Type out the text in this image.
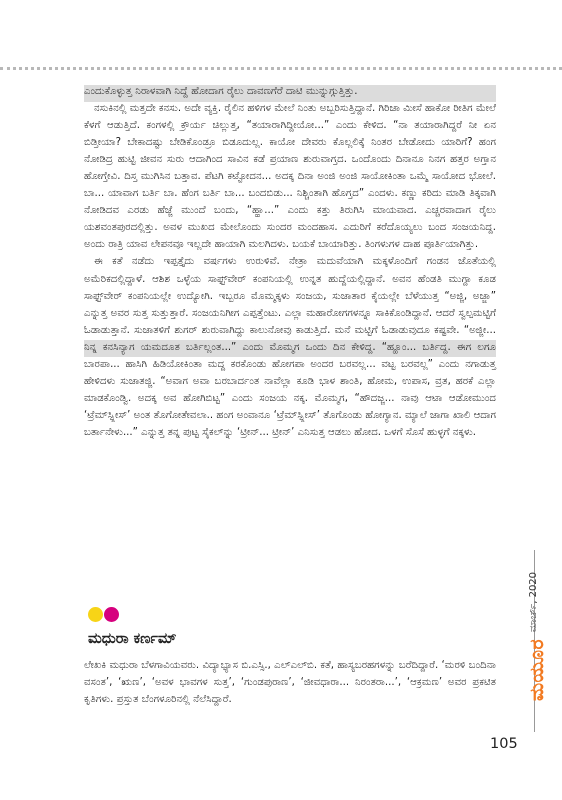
ಎಂದುಕೊಳ್ಳುತ್ತ ನಿರಾಳವಾಗಿ ನಿದ್ದೆ ಹೋದಾಗ ರೈಲು ದಾವಣಗೆರೆ ದಾಟಿ ಮುನ್ನುಗ್ಗುತ್ತಿತ್ತು.

ನಸುಕಿನಲ್ಲಿ ಮತ್ತದೇ ಕನಸು. ಅದೇ ವ್ಯಕ್ತಿ. ರೈಲಿನ ಹಳಿಗಳ ಮೇಲೆ ನಿಂತು ಅಬ್ಬರಿಸುತ್ತಿದ್ದಾನೆ. ಗಿರಿಜಾ ಮೀಸೆ ಹಾಕೋ ರೀತಿಗ ಮೇಲೆ ಕೆಳಗೆ ಆಡುತ್ತಿದೆ. ಕಂಗಳಲ್ಲಿ ಕ್ರೌರ್ಯ ಚಿಲ್ಲುತ್ತ, “ತಯಾರಾಗಿದ್ದೀಯೋ...” ಎಂದು ಕೇಳಿದ. “ನಾ ತಯಾರಾಗಿದ್ದರೆ ನೀ ಏನ ಬಿಡ್ತೀಯಾ? ಬೇಕಾದಷ್ಟು ಬೇಡಿಕೊಂಡ್ರೂ ಬಿಡೂದುಲ್ಲ. ಕಾಯೋ ದೇವರು ಕೊಲ್ಲಲಿಕ್ಕೆ ನಿಂತರ ಬೇಡೋದು ಯಾರಿಗೆ? ಹಂಗ ನೋಡಿದ್ರ ಹುಟ್ಟಿ ಜೀವನ ಸುರು ಆದಾಗಿಂದ ಸಾವಿನ ಕಡೆ ಪ್ರಯಾಣ ಶುರುವಾಗ್ತದ. ಒಂದೊಂದು ದಿನಾನೂ ನಿನಗ ಹತ್ತರ ಅಗ್ತಾನ ಹೋಗ್ತೇವಿ. ದಿಸ್ತ ಮುಗಿಸಿನ ಬತ್ತಾವ. ಪೆಟಗಿ ಕಟ್ಟೋದನ... ಅದಕ್ಕ ದಿನಾ ಅಂಜಿ ಅಂಜಿ ಸಾಯೋಕಿಂತಾ ಒಮ್ಮೆ ಸಾಯೋದ ಭೋಲೆ. ಬಾ... ಯಾವಾಗ ಬರ್ತಿ ಬಾ. ಹೆಂಗ ಬರ್ತಿ ಬಾ... ಬಂದಬಿಡು... ನಿಶ್ಚಿಂತಾಗಿ ಹೊಗ್ತದ” ಎಂದಳು. ಕಣ್ಣು ಕರಿದು ಮಾಡಿ ತಿಕ್ಕವಾಗಿ ನೋಡಿದವ ಎರಡು ಹೆಜ್ಜೆ ಮುಂದೆ ಬಂದು, “ಹ್ಹಾ...” ಎಂದು ಕತ್ತು ತಿರುಗಿಸಿ ಮಾಯವಾದ. ಎಚ್ಚರವಾದಾಗ ರೈಲು ಯಶವಂತಪುರದಲ್ಲಿತ್ತು. ಅವಳ ಮುಖದ ಮೇಲೊಂದು ಸುಂದರ ಮಂದಹಾಸ. ಎದುರಿಗೆ ಕರೆದೊಯ್ಯಲು ಬಂದ ಸಂಜಯನಿದ್ದ. ಅಂದು ರಾತ್ರಿ ಯಾವ ಲೇಪನವೂ ಇಲ್ಲದೇ ಹಾಯಾಗಿ ಮಲಗಿದಳು. ಬಯಕೆ ಬಾಯಾರಿತ್ತು. ತಿಂಗಳುಗಳ ದಾಹ ಪೂರ್ತಿಯಾಗಿತ್ತು.

ಈ ಕತೆ ನಡೆದು ಇಪ್ಪತ್ತೈದು ವರ್ಷಗಳು ಉರುಳಿವೆ. ನೇತ್ರಾ ಮದುವೆಯಾಗಿ ಮಕ್ಕಳೊಂದಿಗೆ ಗಂಡನ ಜೊತೆಯಲ್ಲಿ ಅಮೆರಿಕದಲ್ಲಿದ್ದಾಳೆ. ಆಶಿಶ ಒಳ್ಳೆಯ ಸಾಫ್ಟ್‌ವೇರ್ ಕಂಪನಿಯಲ್ಲಿ ಉನ್ನತ ಹುದ್ದೆಯಲ್ಲಿದ್ದಾನೆ. ಅವನ ಹೆಂಡತಿ ಮುಗ್ದಾ ಕೂಡ ಸಾಫ್ಟ್‌ವೇರ್ ಕಂಪನಿಯಲ್ಲೇ ಉದ್ಯೋಗಿ. ಇಬ್ಬರೂ ಮೊಮ್ಮಕ್ಕಳು ಸಂಜಯ, ಸುಜಾತಾರ ಕೈಯಲ್ಲೇ ಬೆಳೆಯುತ್ತ “ಅಜ್ಜಿ, ಅಜ್ಜಾ” ಎನ್ನುತ್ತ ಅವರ ಸುತ್ತ ಸುತ್ತುತ್ತಾರೆ. ಸಂಜಯನಿಗೀಗ ಎಪ್ಪತ್ತೆಂಟು. ಎಲ್ಲಾ ಮಹಾರೋಗಗಳನ್ನೂ ಸಾಕಿಕೊಂಡಿದ್ದಾನೆ. ಆದರೆ ಸ್ವಲ್ಪಮಟ್ಟಿಗೆ ಓಡಾಡುತ್ತಾನೆ. ಸುಜಾತಳಿಗೆ ಶುಗರ್ ಶುರುವಾಗಿದ್ದು ಕಾಲುನೋವು ಕಾಡುತ್ತಿದೆ. ಮನೆ ಮಟ್ಟಿಗೆ ಓಡಾಡುವುದೂ ಕಷ್ಟವೇ. “ಅಜ್ಜೀ... ನಿನ್ನ ಕನಸಿನ್ಯಾಗ ಯಮದೂತ ಬರ್ತಿಲ್ಲಂತ...” ಎಂದು ಮೊಮ್ಮಗ ಒಂದು ದಿನ ಕೇಳಿದ್ದ. “ಹ್ಹೂಂ... ಬರ್ತಿದ್ದ. ಈಗ ಲಗೂ ಬಾರಪಾ... ಹಾಸಿಗಿ ಹಿಡಿಯೋಕಿಂತಾ ಮದ್ದ ಕರಕೊಂಡು ಹೋಗಪಾ ಅಂದರ ಬರವಲ್ಲ... ವಟ್ಟ ಬರವಲ್ಲ” ಎಂದು ನಗಾಡುತ್ತ ಹೇಳಿದಳು ಸುಜಾತಜ್ಜಿ. “ಅವಾಗ ಅವಾ ಬರಬಾರ್ದಂತ ನಾವೆಲ್ಲಾ ಕೂಡಿ ಭಾಳ ಶಾಂತಿ, ಹೋಮ, ಉಪಾಸ, ವ್ರತ, ಹರಕೆ ಎಲ್ಲಾ ಮಾಡಕೊಂಡ್ವಿ. ಅದಕ್ಕ ಅವ ಹೋಗಿಬಿಟ್ಟ” ಎಂದು ಸಂಜಯ ನಕ್ಕ. ಮೊಮ್ಮಗ, “ಹೌದಜ್ಜ... ನಾವು ಆಟಾ ಆಡೋಮುಂದ ‘ಟ್ರೆಮ್‌ಸ್ಪ್ಲೀಸ್’ ಅಂತ ತೊಗೋತೇವಲಾ.. ಹಂಗ ಅಂವಾನೂ ‘ಟ್ರೆಮ್‌ಸ್ಪ್ಲೀಸ್’ ತೊಗೊಂಡು ಹೋಗ್ಯಾನ. ಮ್ಯಾಲೆ ಜಾಗಾ ಖಾಲಿ ಆದಾಗ ಬರ್ತಾನೇಳು...” ಎನ್ನುತ್ತ ತನ್ನ ಪುಟ್ಟ ಸೈಕಲ್‌ನ್ನು ‘ಟ್ರೀನ್... ಟ್ರೀನ್’ ಎನಿಸುತ್ತ ಆಡಲು ಹೋದ. ಒಳಗೆ ಸೊಸೆ ಹುಳ್ಳಗೆ ನಕ್ಕಳು.

ಮಧುರಾ ಕರ್ಣಮ್
ಲೇಖಕಿ ಮಧುರಾ ಬೆಳಗಾವಿಯವರು. ವಿದ್ಯಾಭ್ಯಾಸ ಬಿ.ಎಸ್ಸಿ., ಎಲ್‌ಎಲ್‌ಬಿ. ಕತೆ, ಹಾಸ್ಯಬರಹಗಳನ್ನು ಬರೆದಿದ್ದಾರೆ. ‘ಮರಳಿ ಬಂದಿನಾ ವಸಂತ’, ‘ಋಣ’, ‘ಅವಳ ಭಾವಗಳ ಸುತ್ತ’, ‘ಗುಂಡಪುರಾಣ’, ‘ಜೀವಧಾರಾ... ನಿರಂತರಾ...’, ‘ಆಕ್ರಮಣ’ ಅವರ ಪ್ರಕಟಿತ ಕೃತಿಗಳು. ಪ್ರಸ್ತುತ ಬೆಂಗಳೂರಿನಲ್ಲಿ ನೆಲೆಸಿದ್ದಾರೆ.
ಮಾರ್ಚ್, 2020
ಮಯೂರ
105
